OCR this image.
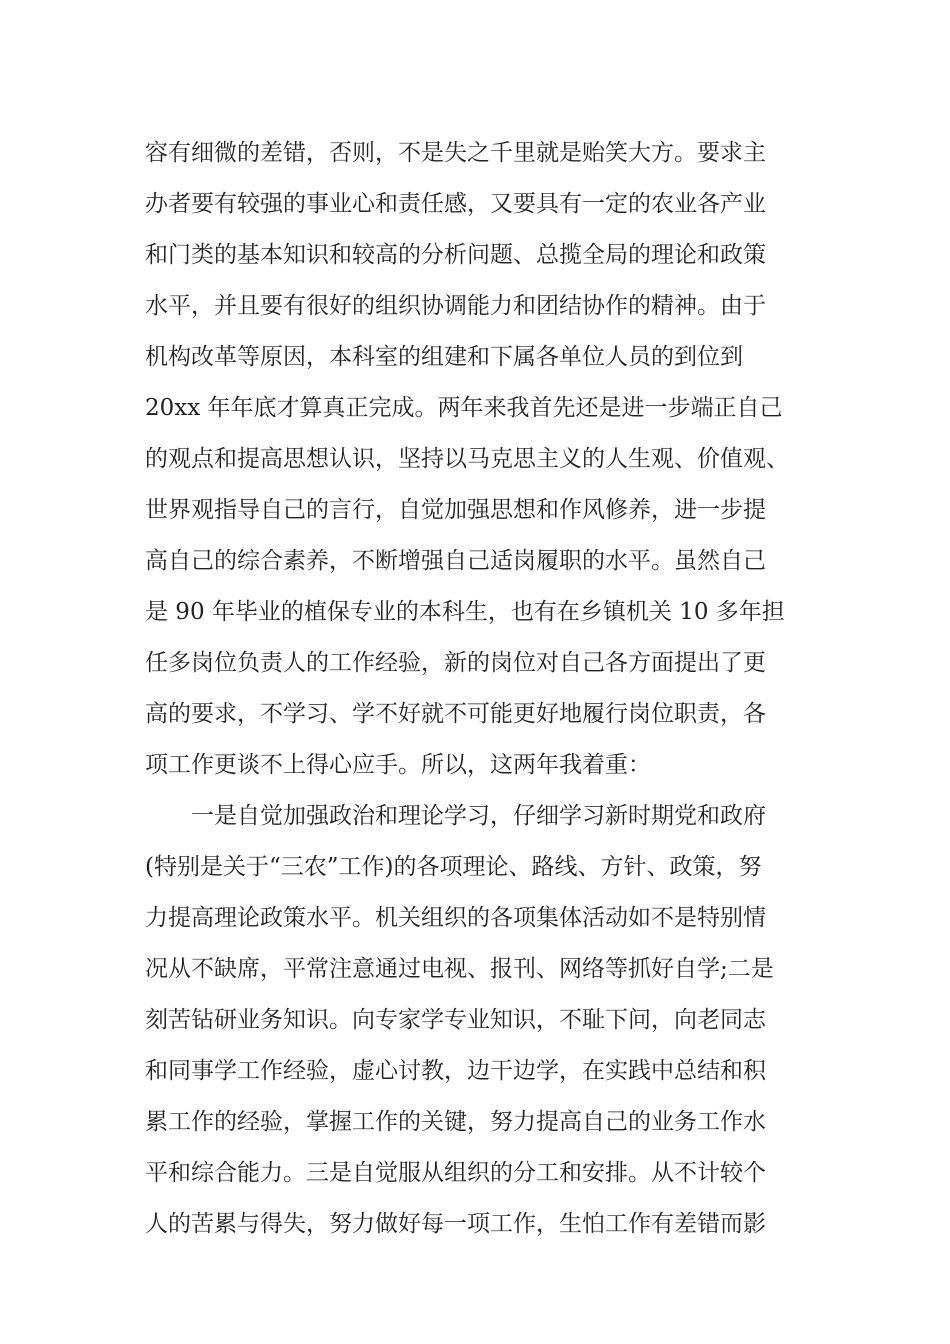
容有细微的差错，否则，不是失之千里就是贻笑大方。要求主
办者要有较强的事业心和责任感，又要具有一定的农业各产业
和门类的基本知识和较高的分析问题、总揽全局的理论和政策
水平，并且要有很好的组织协调能力和团结协作的精神。由于
机构改革等原因，本科室的组建和下属各单位人员的到位到
20xx 年年底才算真正完成。两年来我首先还是进一步端正自己
的观点和提高思想认识，坚持以马克思主义的人生观、价值观、
世界观指导自己的言行，自觉加强思想和作风修养，进一步提
高自己的综合素养，不断增强自己适岗履职的水平。虽然自己
是 90 年毕业的植保专业的本科生，也有在乡镇机关 10 多年担
任多岗位负责人的工作经验，新的岗位对自己各方面提出了更
高的要求，不学习、学不好就不可能更好地履行岗位职责，各
项工作更谈不上得心应手。所以，这两年我着重：
一是自觉加强政治和理论学习，仔细学习新时期党和政府
(特别是关于“三农”工作)的各项理论、路线、方针、政策，努
力提高理论政策水平。机关组织的各项集体活动如不是特别情
况从不缺席，平常注意通过电视、报刊、网络等抓好自学;二是
刻苦钻研业务知识。向专家学专业知识，不耻下问，向老同志
和同事学工作经验，虚心讨教，边干边学，在实践中总结和积
累工作的经验，掌握工作的关键，努力提高自己的业务工作水
平和综合能力。三是自觉服从组织的分工和安排。从不计较个
人的苦累与得失，努力做好每一项工作，生怕工作有差错而影
